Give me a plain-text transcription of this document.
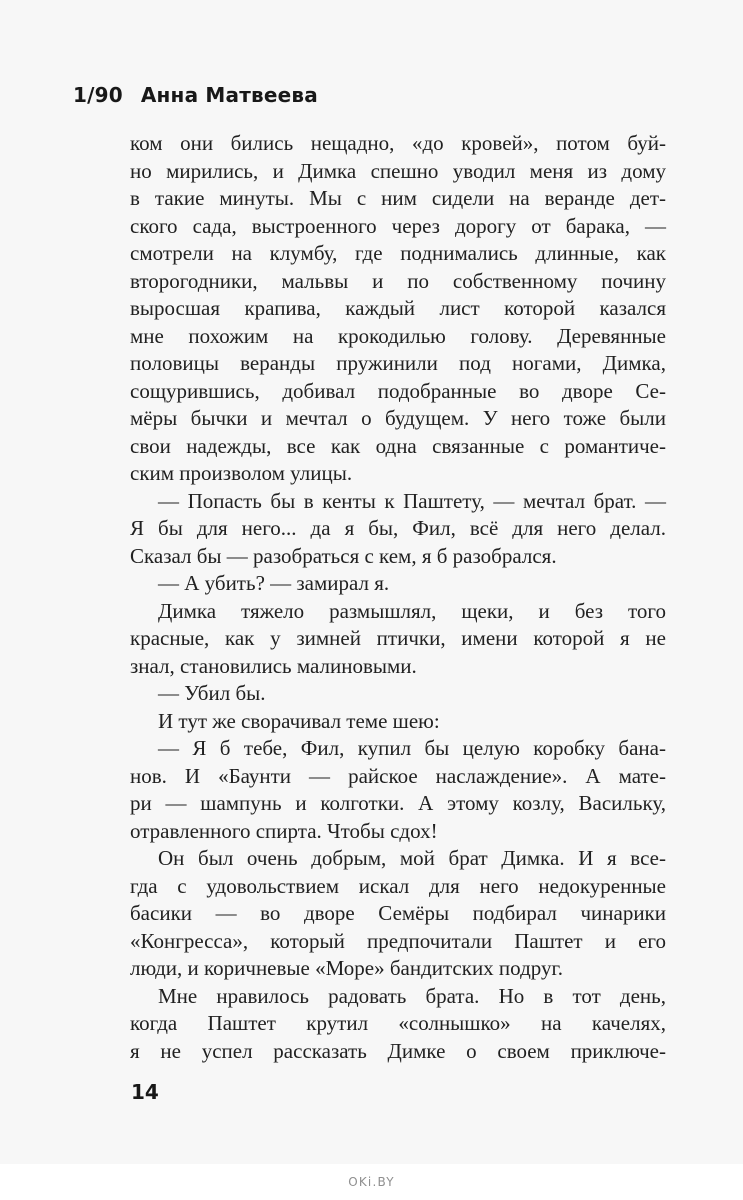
1/90 Анна Матвеева
ком они бились нещадно, «до кровей», потом буй-
но мирились, и Димка спешно уводил меня из дому
в такие минуты. Мы с ним сидели на веранде дет-
ского сада, выстроенного через дорогу от барака, —
смотрели на клумбу, где поднимались длинные, как
второгодники, мальвы и по собственному почину
выросшая крапива, каждый лист которой казался
мне похожим на крокодилью голову. Деревянные
половицы веранды пружинили под ногами, Димка,
сощурившись, добивал подобранные во дворе Се-
мёры бычки и мечтал о будущем. У него тоже были
свои надежды, все как одна связанные с романтиче-
ским произволом улицы.
— Попасть бы в кенты к Паштету, — мечтал брат. —
Я бы для него... да я бы, Фил, всё для него делал.
Сказал бы — разобраться с кем, я б разобрался.
— А убить? — замирал я.
Димка тяжело размышлял, щеки, и без того
красные, как у зимней птички, имени которой я не
знал, становились малиновыми.
— Убил бы.
И тут же сворачивал теме шею:
— Я б тебе, Фил, купил бы целую коробку бана-
нов. И «Баунти — райское наслаждение». А мате-
ри — шампунь и колготки. А этому козлу, Васильку,
отравленного спирта. Чтобы сдох!
Он был очень добрым, мой брат Димка. И я все-
гда с удовольствием искал для него недокуренные
басики — во дворе Семёры подбирал чинарики
«Конгресса», который предпочитали Паштет и его
люди, и коричневые «Море» бандитских подруг.
Мне нравилось радовать брата. Но в тот день,
когда Паштет крутил «солнышко» на качелях,
я не успел рассказать Димке о своем приключе-
14
OKi.BY
